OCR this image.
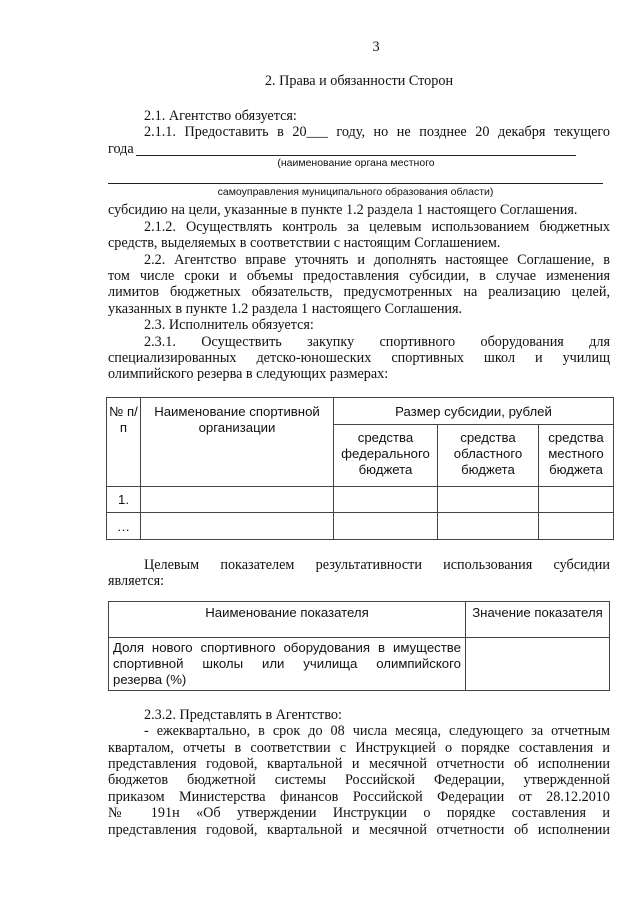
3
2. Права и обязанности Сторон
2.1. Агентство обязуется:
2.1.1. Предоставить в 20___ году, но не позднее 20 декабря текущего
года
(наименование органа местного
самоуправления муниципального образования области)
субсидию на цели, указанные в пункте 1.2 раздела 1 настоящего Соглашения.
2.1.2. Осуществлять контроль за целевым использованием бюджетных
средств, выделяемых в соответствии с настоящим Соглашением.
2.2. Агентство вправе уточнять и дополнять настоящее Соглашение, в
том числе сроки и объемы предоставления субсидии, в случае изменения
лимитов бюджетных обязательств, предусмотренных на реализацию целей,
указанных в пункте 1.2 раздела 1 настоящего Соглашения.
2.3. Исполнитель обязуется:
2.3.1. Осуществить закупку спортивного оборудования для
специализированных детско-юношеских спортивных школ и училищ
олимпийского резерва в следующих размерах:
№ п/п	Наименование спортивной организации	Размер субсидии, рублей		
		средства федерального бюджета	средства областного бюджета	средства местного бюджета
1.				
…				
Целевым показателем результативности использования субсидии
является:
Наименование показателя	Значение показателя

Доля нового спортивного оборудования в имуществе
спортивной школы или училища олимпийского
резерва (%)	

2.3.2. Представлять в Агентство:
- ежеквартально, в срок до 08 числа месяца, следующего за отчетным
кварталом, отчеты в соответствии с Инструкцией о порядке составления и
представления годовой, квартальной и месячной отчетности об исполнении
бюджетов бюджетной системы Российской Федерации, утвержденной
приказом Министерства финансов Российской Федерации от 28.12.2010
№ 191н «Об утверждении Инструкции о порядке составления и
представления годовой, квартальной и месячной отчетности об исполнении
